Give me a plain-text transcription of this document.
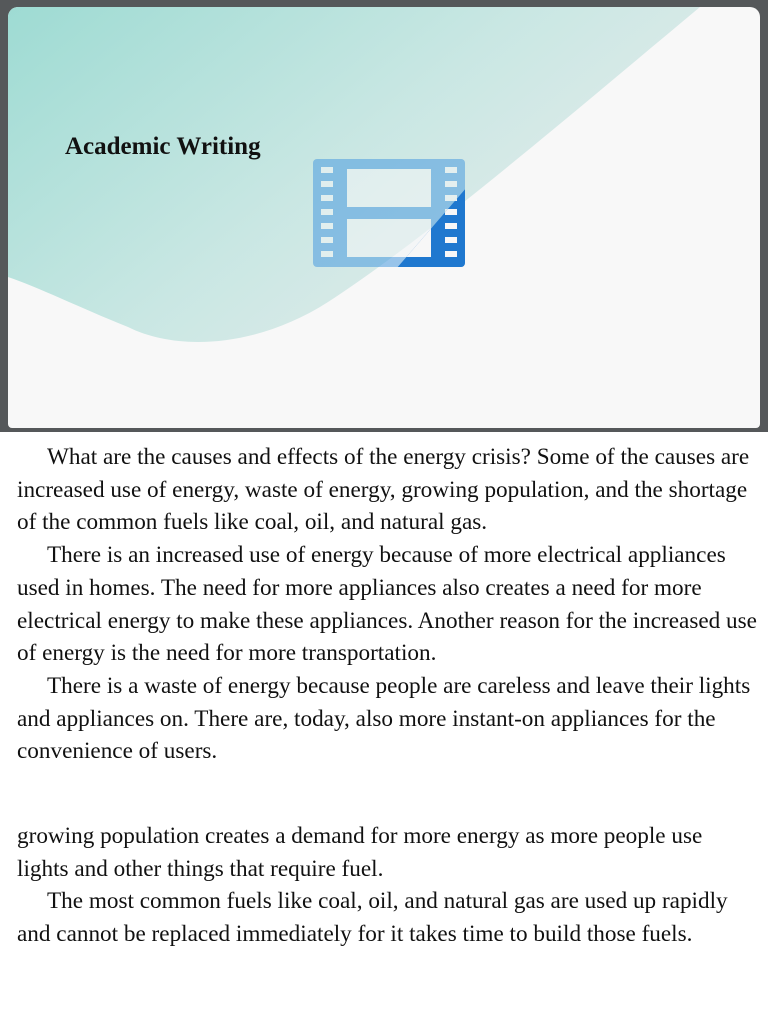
Academic Writing

What are the causes and effects of the energy crisis? Some of the causes are increased use of energy, waste of energy, growing population, and the shortage of the common fuels like coal, oil, and natural gas.

There is an increased use of energy because of more electrical appliances used in homes. The need for more appliances also creates a need for more electrical energy to make these appliances. Another reason for the increased use of energy is the need for more transportation.

There is a waste of energy because people are careless and leave their lights and appliances on. There are, today, also more instant-on appliances for the convenience of users.

growing population creates a demand for more energy as more people use lights and other things that require fuel.

The most common fuels like coal, oil, and natural gas are used up rapidly and cannot be replaced immediately for it takes time to build those fuels.
